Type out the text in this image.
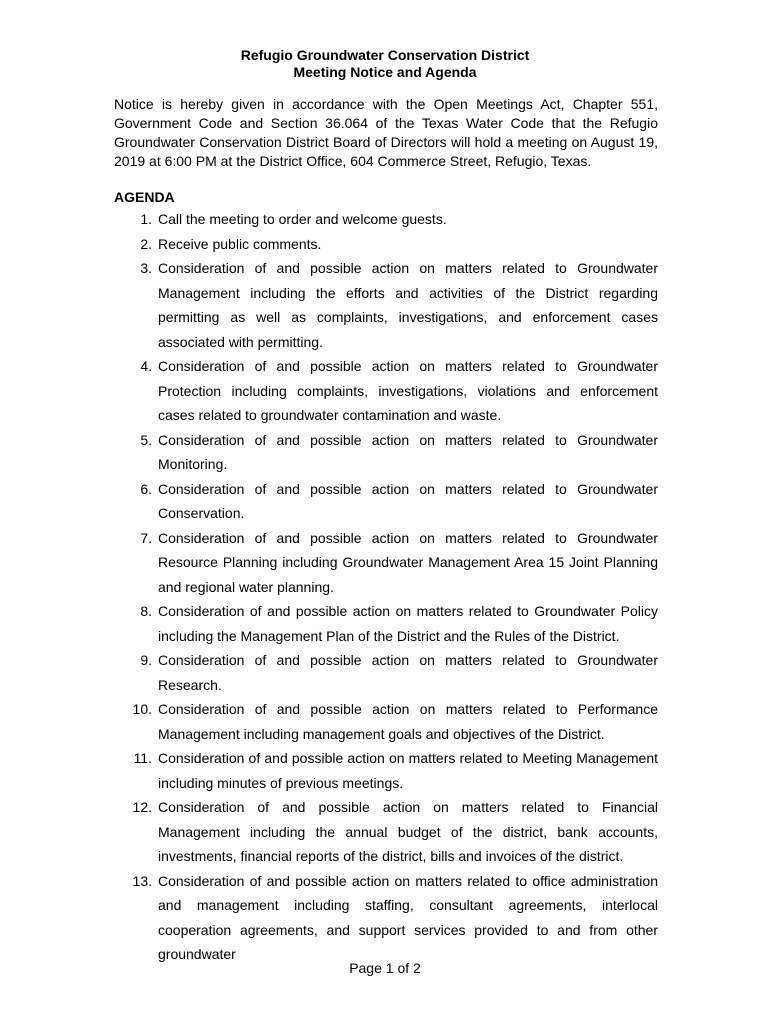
Refugio Groundwater Conservation District
Meeting Notice and Agenda

Notice is hereby given in accordance with the Open Meetings Act, Chapter 551, Government Code and Section 36.064 of the Texas Water Code that the Refugio Groundwater Conservation District Board of Directors will hold a meeting on August 19, 2019 at 6:00 PM at the District Office, 604 Commerce Street, Refugio, Texas.

AGENDA
1. Call the meeting to order and welcome guests.
2. Receive public comments.
3. Consideration of and possible action on matters related to Groundwater Management including the efforts and activities of the District regarding permitting as well as complaints, investigations, and enforcement cases associated with permitting.
4. Consideration of and possible action on matters related to Groundwater Protection including complaints, investigations, violations and enforcement cases related to groundwater contamination and waste.
5. Consideration of and possible action on matters related to Groundwater Monitoring.
6. Consideration of and possible action on matters related to Groundwater Conservation.
7. Consideration of and possible action on matters related to Groundwater Resource Planning including Groundwater Management Area 15 Joint Planning and regional water planning.
8. Consideration of and possible action on matters related to Groundwater Policy including the Management Plan of the District and the Rules of the District.
9. Consideration of and possible action on matters related to Groundwater Research.
10. Consideration of and possible action on matters related to Performance Management including management goals and objectives of the District.
11. Consideration of and possible action on matters related to Meeting Management including minutes of previous meetings.
12. Consideration of and possible action on matters related to Financial Management including the annual budget of the district, bank accounts, investments, financial reports of the district, bills and invoices of the district.
13. Consideration of and possible action on matters related to office administration and management including staffing, consultant agreements, interlocal cooperation agreements, and support services provided to and from other groundwater
Page 1 of 2
